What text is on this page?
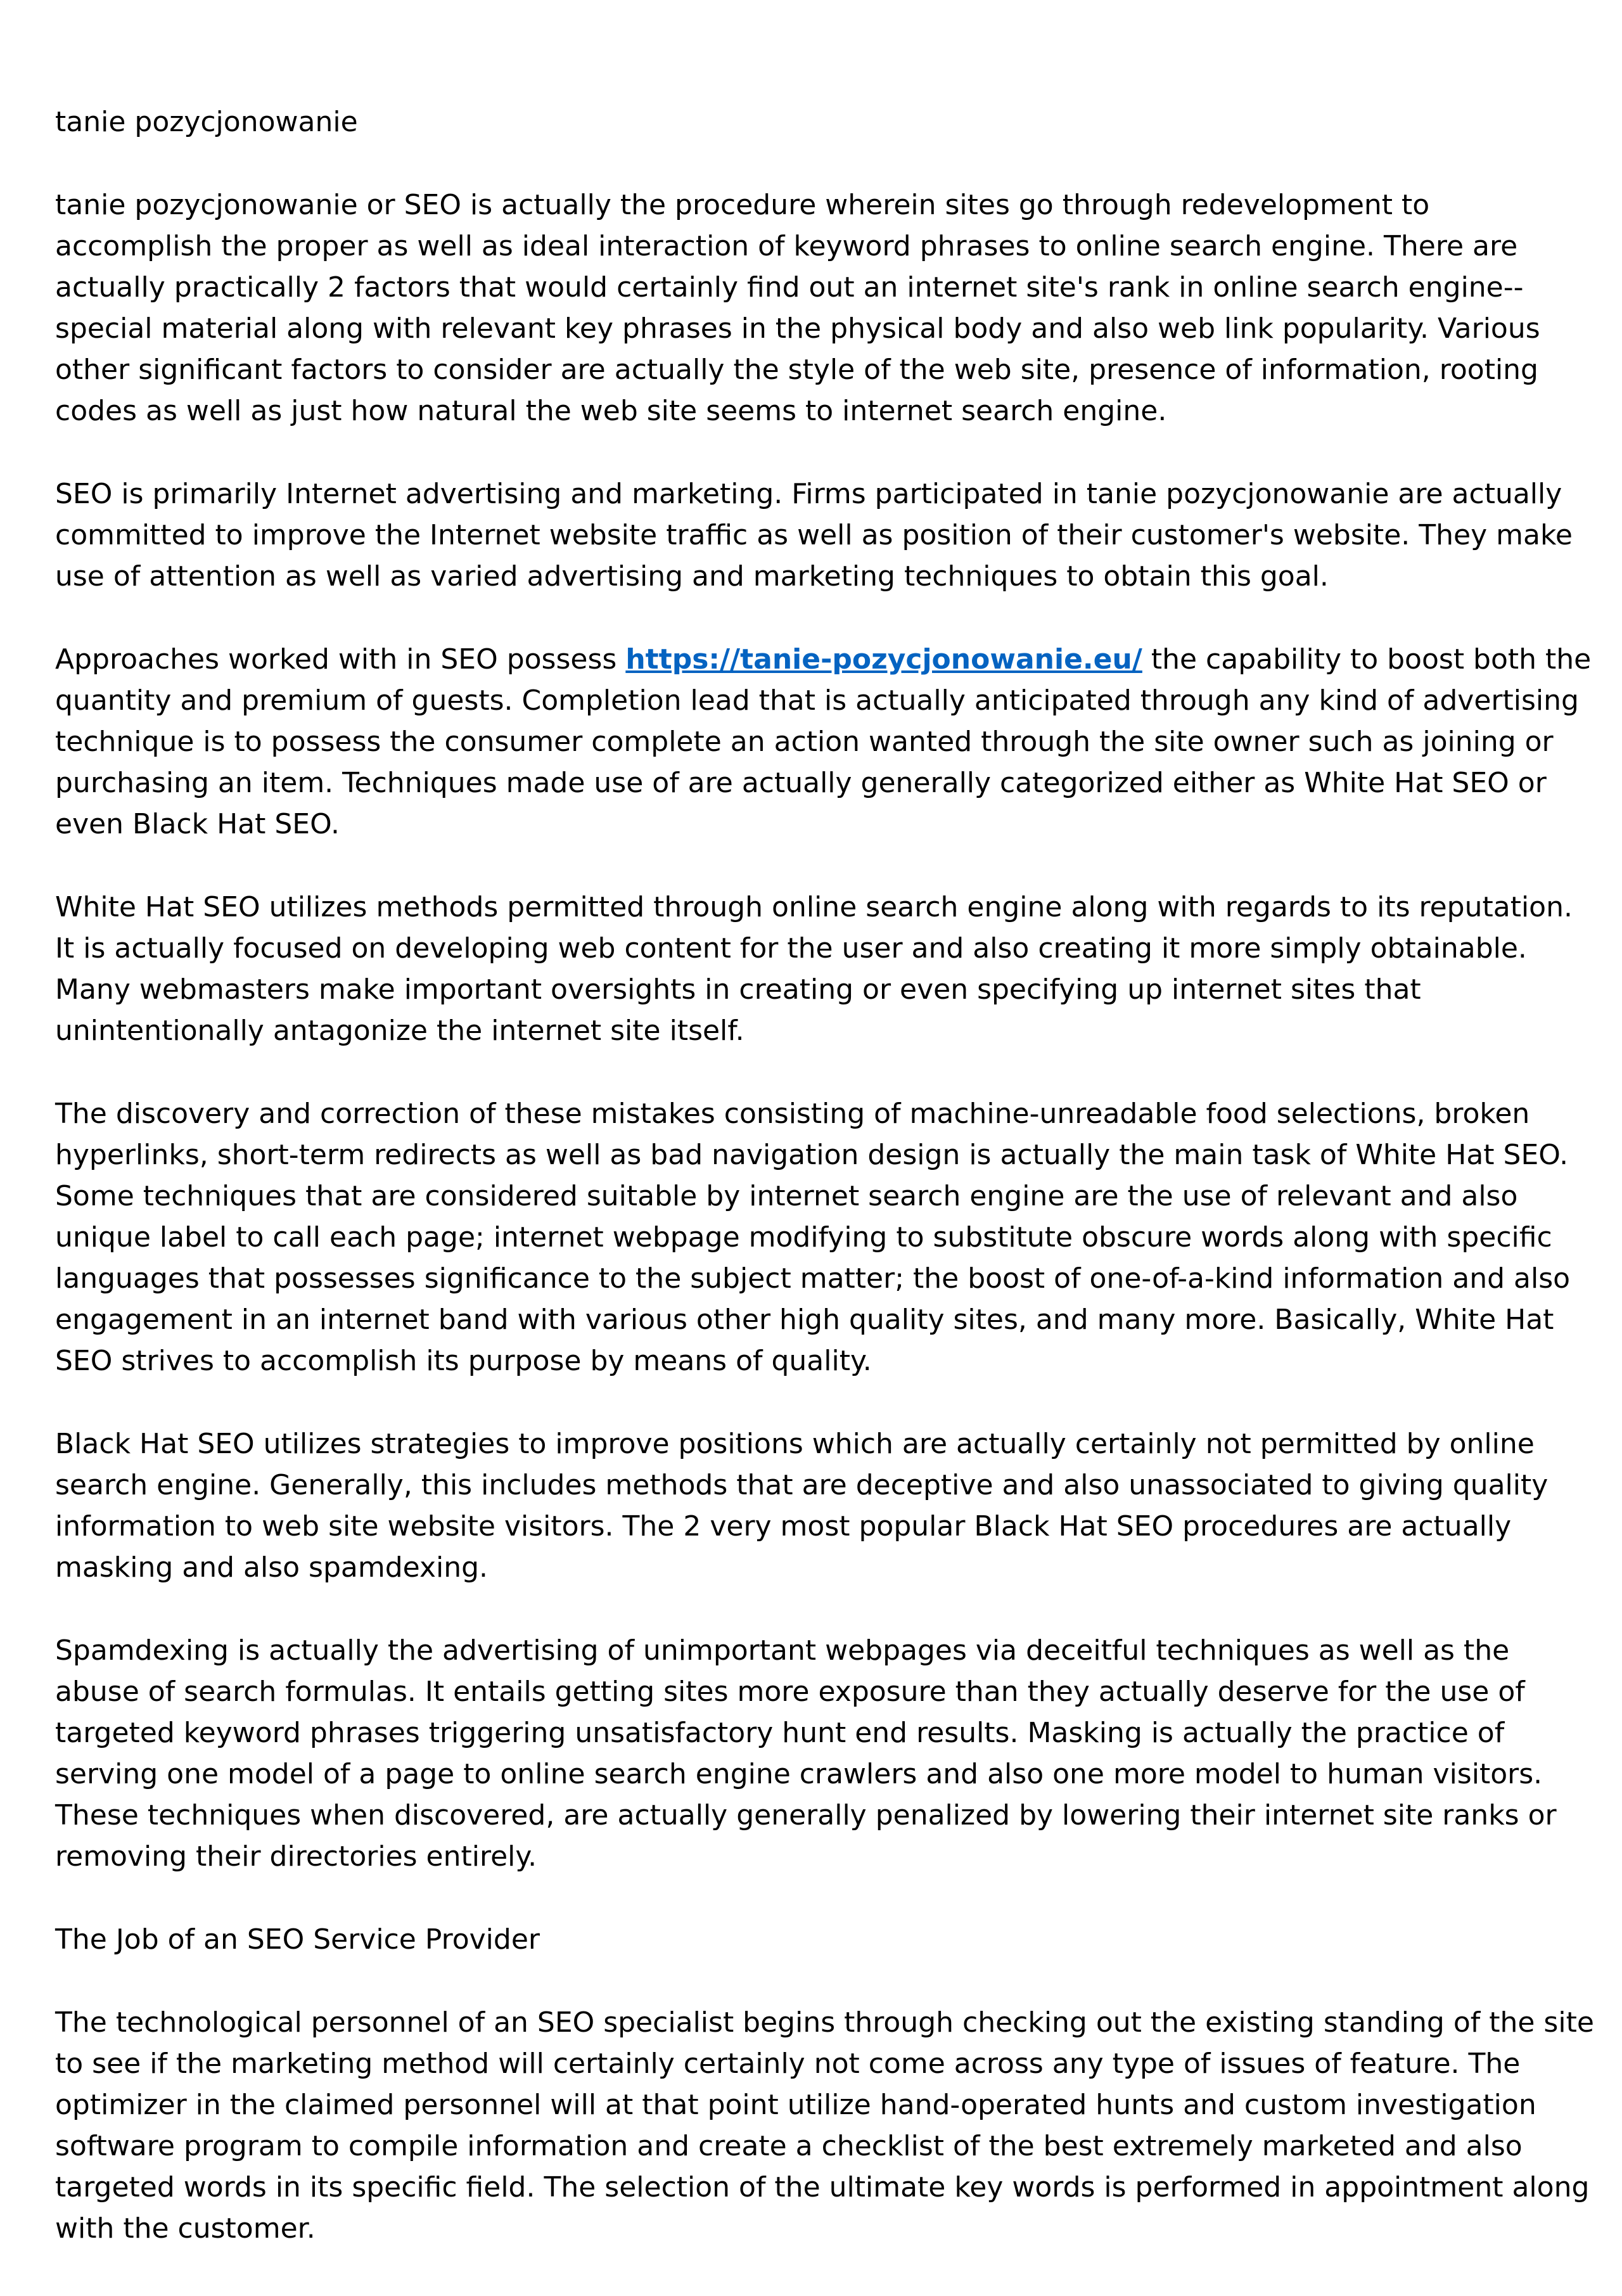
tanie pozycjonowanie

tanie pozycjonowanie or SEO is actually the procedure wherein sites go through redevelopment to accomplish the proper as well as ideal interaction of keyword phrases to online search engine. There are actually practically 2 factors that would certainly find out an internet site's rank in online search engine-- special material along with relevant key phrases in the physical body and also web link popularity. Various other significant factors to consider are actually the style of the web site, presence of information, rooting codes as well as just how natural the web site seems to internet search engine.

SEO is primarily Internet advertising and marketing. Firms participated in tanie pozycjonowanie are actually committed to improve the Internet website traffic as well as position of their customer's website. They make use of attention as well as varied advertising and marketing techniques to obtain this goal.

Approaches worked with in SEO possess https://tanie-pozycjonowanie.eu/ the capability to boost both the quantity and premium of guests. Completion lead that is actually anticipated through any kind of advertising technique is to possess the consumer complete an action wanted through the site owner such as joining or purchasing an item. Techniques made use of are actually generally categorized either as White Hat SEO or even Black Hat SEO.

White Hat SEO utilizes methods permitted through online search engine along with regards to its reputation. It is actually focused on developing web content for the user and also creating it more simply obtainable. Many webmasters make important oversights in creating or even specifying up internet sites that unintentionally antagonize the internet site itself.

The discovery and correction of these mistakes consisting of machine-unreadable food selections, broken hyperlinks, short-term redirects as well as bad navigation design is actually the main task of White Hat SEO. Some techniques that are considered suitable by internet search engine are the use of relevant and also unique label to call each page; internet webpage modifying to substitute obscure words along with specific languages that possesses significance to the subject matter; the boost of one-of-a-kind information and also engagement in an internet band with various other high quality sites, and many more. Basically, White Hat SEO strives to accomplish its purpose by means of quality.

Black Hat SEO utilizes strategies to improve positions which are actually certainly not permitted by online search engine. Generally, this includes methods that are deceptive and also unassociated to giving quality information to web site website visitors. The 2 very most popular Black Hat SEO procedures are actually masking and also spamdexing.

Spamdexing is actually the advertising of unimportant webpages via deceitful techniques as well as the abuse of search formulas. It entails getting sites more exposure than they actually deserve for the use of targeted keyword phrases triggering unsatisfactory hunt end results. Masking is actually the practice of serving one model of a page to online search engine crawlers and also one more model to human visitors. These techniques when discovered, are actually generally penalized by lowering their internet site ranks or removing their directories entirely.

The Job of an SEO Service Provider

The technological personnel of an SEO specialist begins through checking out the existing standing of the site to see if the marketing method will certainly certainly not come across any type of issues of feature. The optimizer in the claimed personnel will at that point utilize hand-operated hunts and custom investigation software program to compile information and create a checklist of the best extremely marketed and also targeted words in its specific field. The selection of the ultimate key words is performed in appointment along with the customer.
